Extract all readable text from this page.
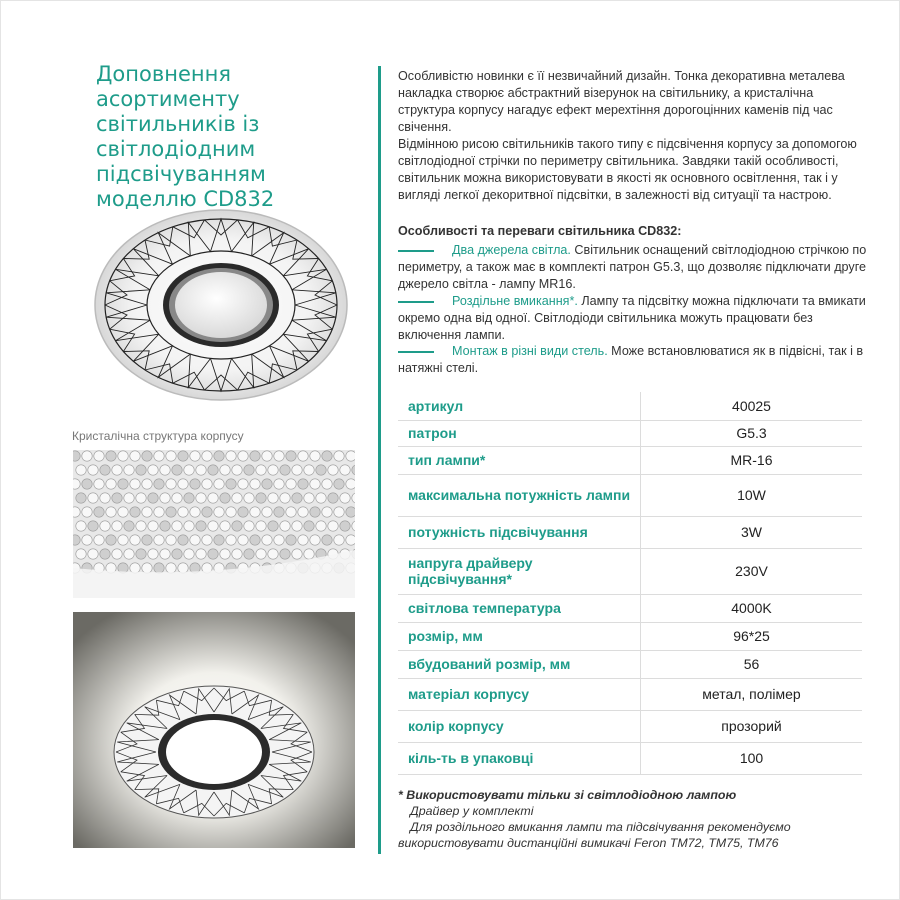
Доповнення асортименту світильників із світлодіодним підсвічуванням моделлю CD832
Кристалічна структура корпусу

Особливістю новинки є її незвичайний дизайн. Тонка декоративна металева накладка створює абстрактний візерунок на світильнику, а кристалічна структура корпусу нагадує ефект мерехтіння дорогоцінних каменів під час свічення.

Відмінною рисою світильників такого типу є підсвічення корпусу за допомогою світлодіодної стрічки по периметру світильника. Завдяки такій особливості, світильник можна використовувати в якості як основного освітлення, так і у вигляді легкої декоритвної підсвітки, в залежності від ситуації та настрою.

Особливості та переваги світильника CD832:
Два джерела світла. Світильник оснащений світлодіодною стрічкою по периметру, а також має в комплекті патрон G5.3, що дозволяє підключати друге джерело світла - лампу MR16.
Роздільне вмикання*. Лампу та підсвітку можна підключати та вмикати окремо одна від одної. Світлодіоди світильника можуть працювати без включення лампи.
Монтаж в різні види стель. Може встановлюватися як в підвісні, так і в натяжні стелі.
артикул	40025
патрон	G5.3
тип лампи*	MR-16
максимальна потужність лампи	10W
потужність підсвічування	3W
напруга драйверу підсвічування*	230V
світлова температура	4000K
розмір, мм	96*25
вбудований розмір, мм	56
матеріал корпусу	метал, полімер
колір корпусу	прозорий
кіль-ть в упаковці	100
* Використовувати тільки зі світлодіодною лампою
Драйвер у комплекті
Для роздільного вмикання лампи та підсвічування рекомендуємо використовувати дистанційні вимикачі Feron TM72, TM75, TM76
